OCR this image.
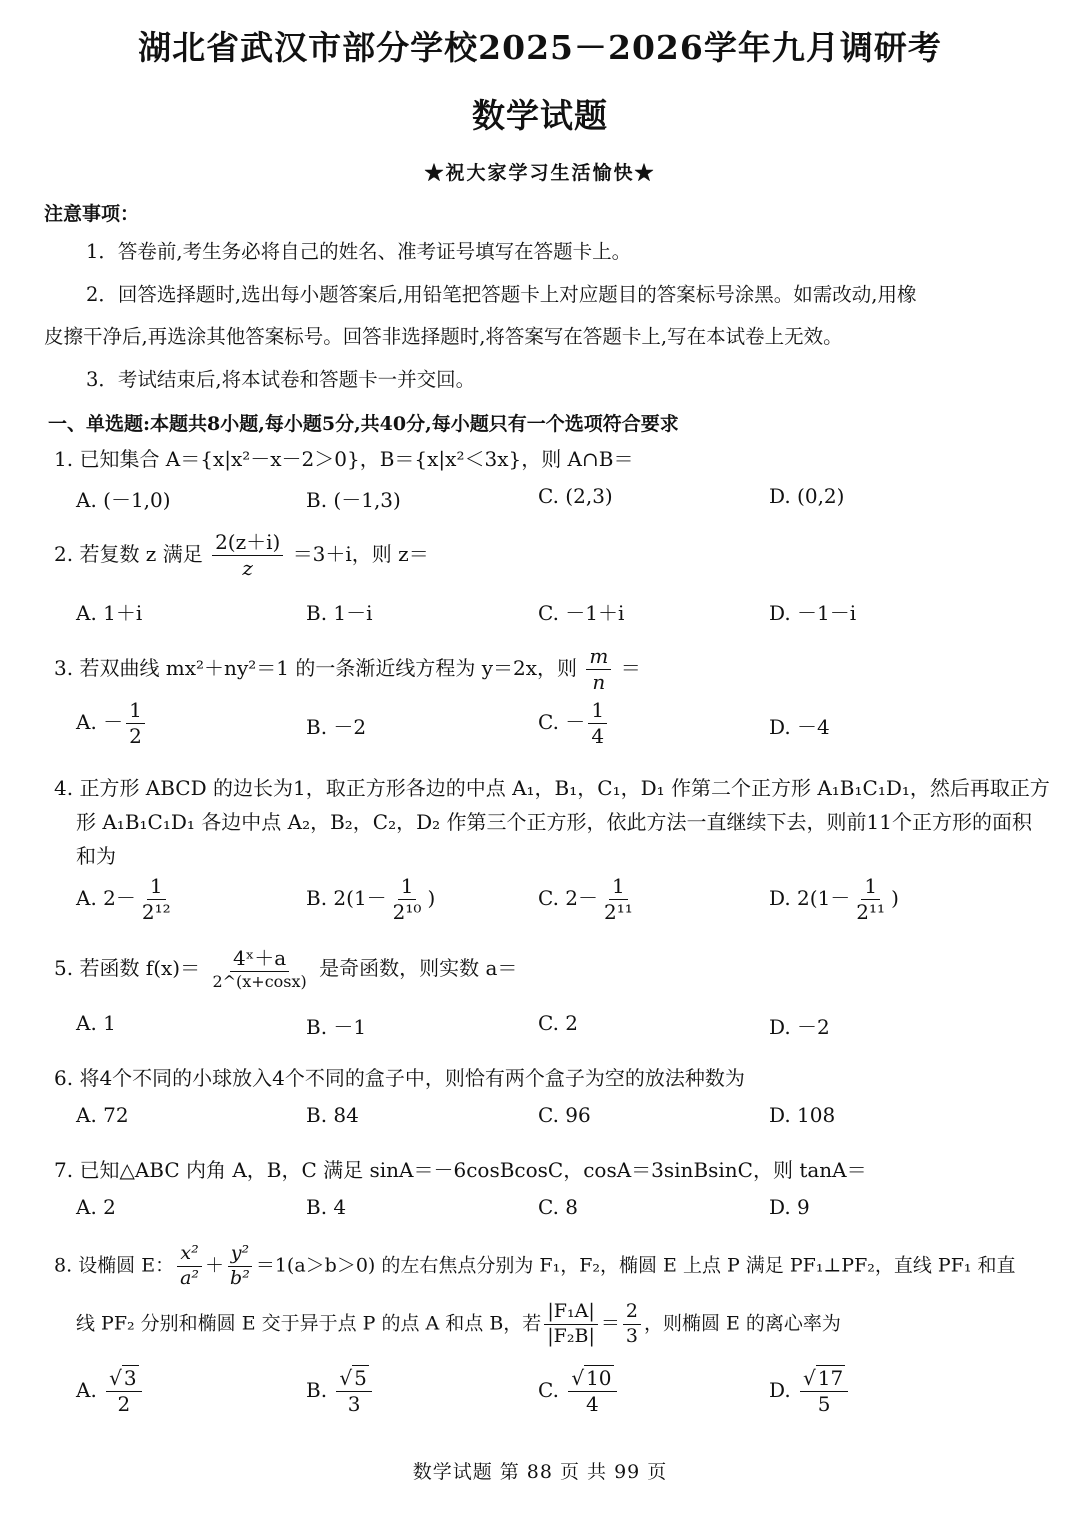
湖北省武汉市部分学校2025－2026学年九月调研考
数学试题
★祝大家学习生活愉快★
注意事项：
1．答卷前,考生务必将自己的姓名、准考证号填写在答题卡上。
2．回答选择题时,选出每小题答案后,用铅笔把答题卡上对应题目的答案标号涂黑。如需改动,用橡
皮擦干净后,再选涂其他答案标号。回答非选择题时,将答案写在答题卡上,写在本试卷上无效。
3．考试结束后,将本试卷和答题卡一并交回。
一、单选题:本题共8小题,每小题5分,共40分,每小题只有一个选项符合要求
1. 已知集合 A＝{x|x²－x－2＞0}，B＝{x|x²＜3x}，则 A∩B＝
A. (－1,0)	B. (－1,3)	C. (2,3)	D. (0,2)
2. 若复数 z 满足 $\frac{2(z+i)}{z} =3+i$，则 z＝
A. 1＋i	B. 1－i	C. －1＋i	D. －1－i
3. 若双曲线 mx²＋ny²＝1 的一条渐近线方程为 y＝2x，则 $\frac{m}{n}$ ＝
A. － $\frac{1}{2}$	B. －2	C. － $\frac{1}{4}$	D. －4
4. 正方形 ABCD 的边长为1，取正方形各边的中点 A₁，B₁，C₁，D₁ 作第二个正方形 A₁B₁C₁D₁，然后再取正方
形 A₁B₁C₁D₁ 各边中点 A₂，B₂，C₂，D₂ 作第三个正方形，依此方法一直继续下去，则前11个正方形的面积
和为
A. $2- \frac{1}{\text{2¹²}}$	B. $2(1- \frac{1}{\text{2¹⁰}}$ )	C. $2- \frac{1}{\text{2¹¹}}$	D. $2(1- \frac{1}{\text{2¹¹}}$ )
5. 若函数 $f(x)= \frac{\text{4ˣ＋a}}{2\^{}(x+\cos x)}$ 是奇函数，则实数 a＝
A. 1	B. －1	C. 2	D. －2
6. 将4个不同的小球放入4个不同的盒子中，则恰有两个盒子为空的放法种数为
A. 72	B. 84	C. 96	D. 108
7. 已知△ABC 内角 A，B，C 满足 sinA＝－6cosBcosC，cosA＝3sinBsinC，则 tanA＝
A. 2	B. 4	C. 8	D. 9
8. 设椭圆 E： $\frac{\text{x²}}{\text{a²}} + \frac{\text{y²}}{\text{b²}} =1(a>b>0)$ 的左右焦点分别为 F₁，F₂，椭圆 E 上点 P 满足 PF₁⊥PF₂，直线 PF₁ 和直
线 PF₂ 分别和椭圆 E 交于异于点 P 的点 A 和点 B，若 $\frac{\text{|F₁A|}}{\text{|F₂B|}} = \frac{2}{3}$ ，则椭圆 E 的离心率为
A. $\frac{√ 3}{2}$	B. $\frac{√ 5}{3}$	C. $\frac{√ 10}{4}$	D. $\frac{√ 17}{5}$
数学试题 第 88 页 共 99 页
